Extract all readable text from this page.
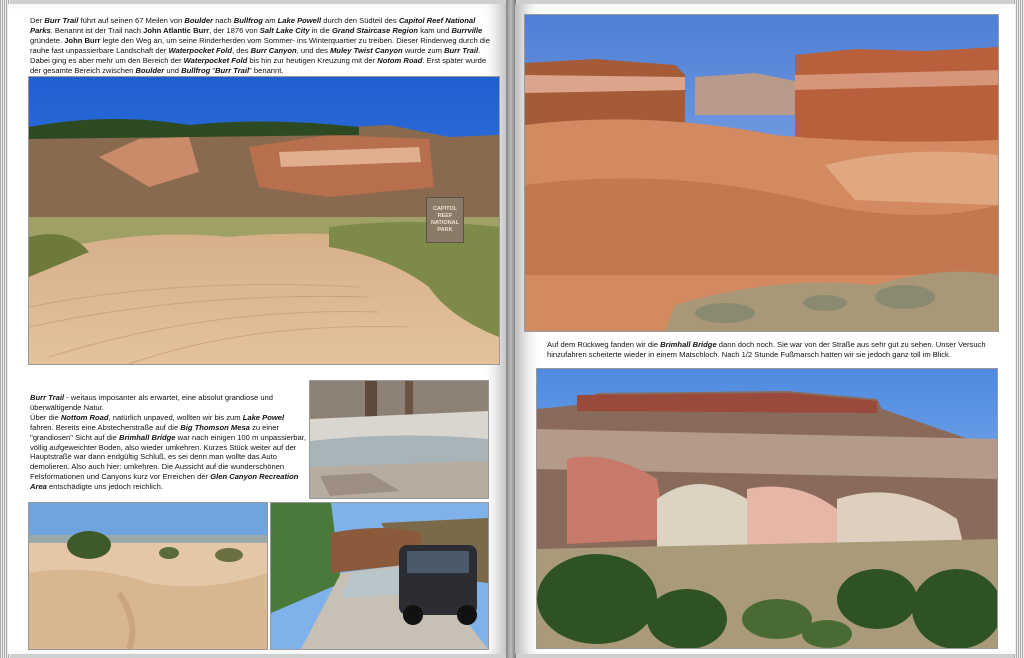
Der Burr Trail führt auf seinen 67 Meilen von Boulder nach Bullfrog am Lake Powell durch den Südteil des Capitol Reef National Parks. Benannt ist der Trail nach John Atlantic Burr, der 1876 von Salt Lake City in die Grand Staircase Region kam und Burrville gründete. John Burr legte den Weg an, um seine Rinderherden vom Sommer- ins Winterquartier zu treiben. Dieser Rinderweg durch die rauhe fast unpassierbare Landschaft der Waterpocket Fold, des Burr Canyon, und des Muley Twist Canyon wurde zum Burr Trail. Dabei ging es aber mehr um den Bereich der Waterpocket Fold bis hin zur heutigen Kreuzung mit der Notom Road. Erst später wurde der gesamte Bereich zwischen Boulder und Bullfrog "Burr Trail" benannt.
CAPITOL REEF NATIONAL PARK
Burr Trail - weitaus imposanter als erwartet, eine absolut grandiose und überwältigende Natur.
Über die Nottom Road, natürlich unpaved, wollten wir bis zum Lake Powel fahren. Bereits eine Abstecherstraße auf die Big Thomson Mesa zu einer "grandiosen" Sicht auf die Brimhall Bridge war nach einigen 100 m unpassierbar, völlig aufgeweichter Boden, also wieder umkehren. Kurzes Stück weiter auf der Hauptstraße war dann endgültig Schluß, es sei denn man wollte das Auto demolieren. Also auch hier: umkehren. Die Aussicht auf die wunderschönen Felsformationen und Canyons kurz vor Erreichen der Glen Canyon Recreation Area entschädigte uns jedoch reichlich.
Auf dem Rückweg fanden wir die Brimhall Bridge dann doch noch. Sie war von der Straße aus sehr gut zu sehen. Unser Versuch hinzufahren scheiterte wieder in einem Matschloch. Nach 1/2 Stunde Fußmarsch hatten wir sie jedoch ganz toll im Blick.
